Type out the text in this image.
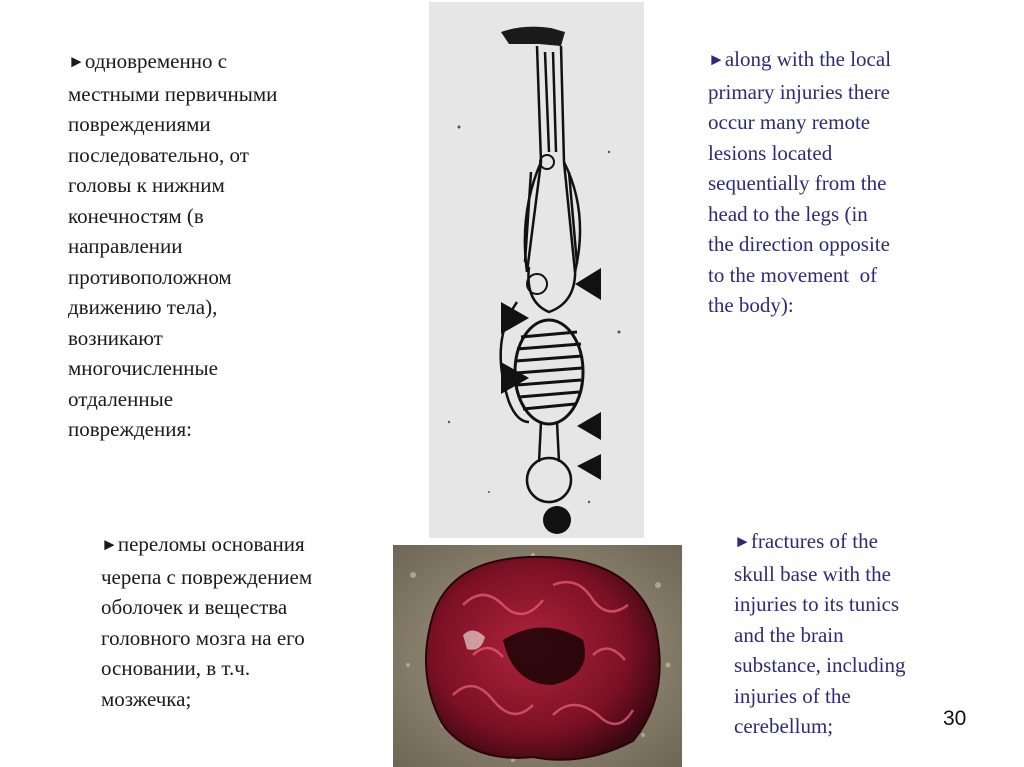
►одновременно с
местными первичными
повреждениями
последовательно, от
головы к нижним
конечностям (в
направлении
противоположном
движению тела),
возникают
многочисленные
отдаленные
повреждения:
►along with the local
primary injuries there
occur many remote
lesions located
sequentially from the
head to the legs (in
the direction opposite
to the movement  of
the body):
►переломы основания
черепа с повреждением
оболочек и вещества
головного мозга на его
основании, в т.ч.
мозжечка;
►fractures of the
skull base with the
injuries to its tunics
and the brain
substance, including
injuries of the
cerebellum;	30
